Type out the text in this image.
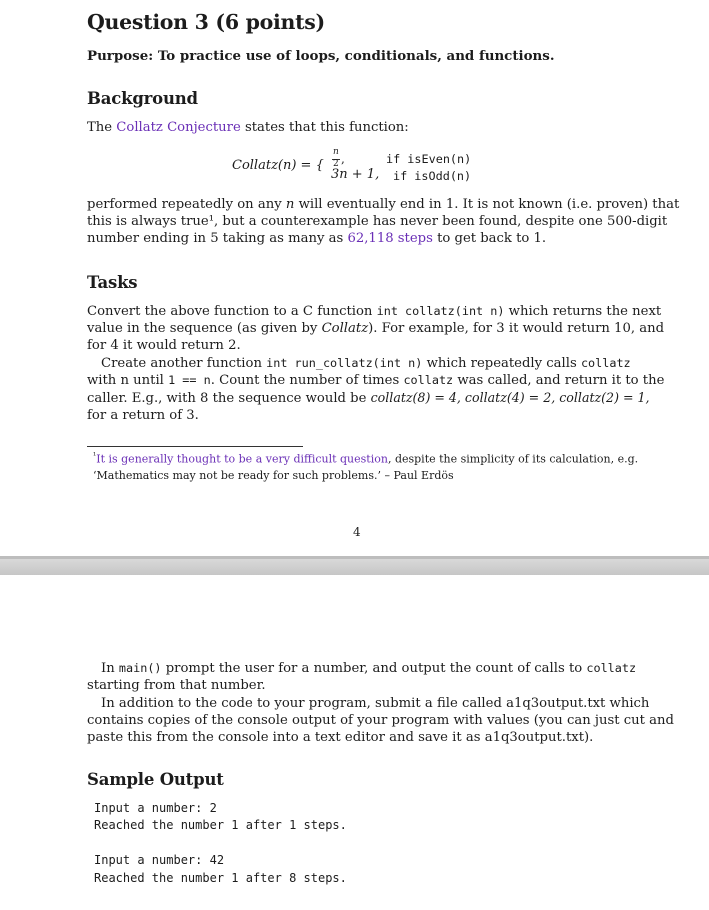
Question 3 (6 points)
Purpose: To practice use of loops, conditionals, and functions.
Background
The Collatz Conjecture states that this function:
Collatz(n) = {
n
2 ,	if isEven(n)
3n + 1, if isOdd(n)
performed repeatedly on any n will eventually end in 1. It is not known (i.e. proven) that
this is always true¹, but a counterexample has never been found, despite one 500-digit
number ending in 5 taking as many as 62,118 steps to get back to 1.
Tasks
Convert the above function to a C function int collatz(int n) which returns the next
value in the sequence (as given by Collatz). For example, for 3 it would return 10, and
for 4 it would return 2.
Create another function int run_collatz(int n) which repeatedly calls collatz
with n until 1 == n. Count the number of times collatz was called, and return it to the
caller. E.g., with 8 the sequence would be collatz(8) = 4, collatz(4) = 2, collatz(2) = 1,
for a return of 3.
$^{^1}$It is generally thought to be a very difficult question, despite the simplicity of its calculation, e.g.
‘Mathematics may not be ready for such problems.’ – Paul Erdös
4
In main() prompt the user for a number, and output the count of calls to collatz
starting from that number.
In addition to the code to your program, submit a file called a1q3output.txt which
contains copies of the console output of your program with values (you can just cut and
paste this from the console into a text editor and save it as a1q3output.txt).
Sample Output
Input a number: 2
Reached the number 1 after 1 steps.
Input a number: 42
Reached the number 1 after 8 steps.
